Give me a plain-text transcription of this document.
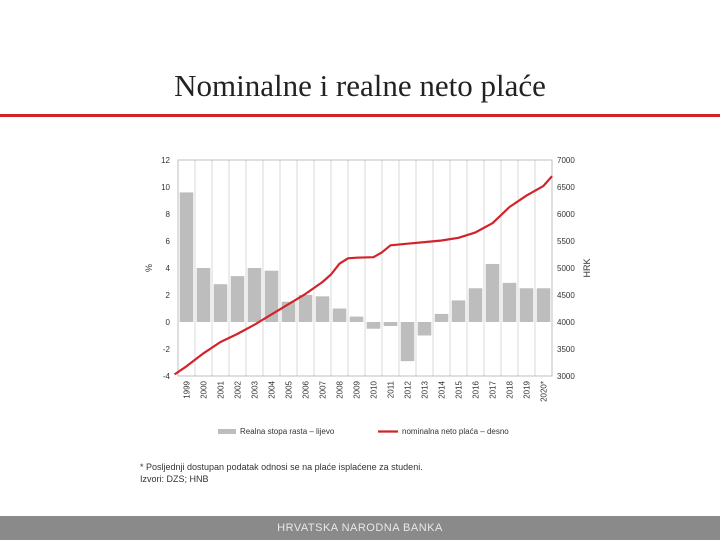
Nominalne i realne neto plaće
-4
-2
0
2
4
6
8
10
12
3000
3500
4000
4500
5000
5500
6000
6500
7000
%	HRK
1999 2000 2001 2002 2003 2004 2005 2006 2007 2008 2009 2010 2011 2012 2013 2014 2015 2016 2017 2018 2019 2020*
Realna stopa rasta – lijevo	nominalna neto plaća – desno
* Posljednji dostupan podatak odnosi se na plaće isplaćene za studeni.
Izvori: DZS; HNB
HRVATSKA NARODNA BANKA
